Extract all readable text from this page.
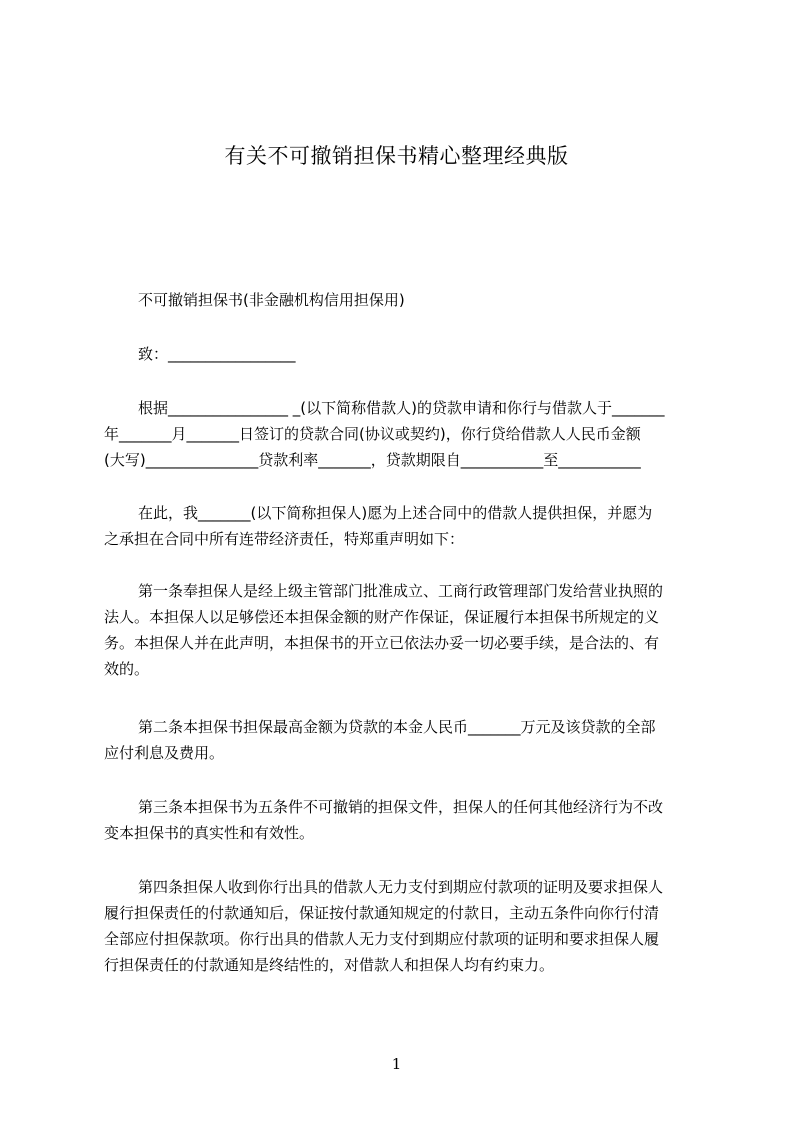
有关不可撤销担保书精心整理经典版

不可撤销担保书(非金融机构信用担保用)

致：_________________

根据________________ _(以下简称借款人)的贷款申请和你行与借款人于_______
年_______月_______日签订的贷款合同(协议或契约)，你行贷给借款人人民币金额
(大写)_______________贷款利率_______，贷款期限自___________至___________

在此，我_______(以下简称担保人)愿为上述合同中的借款人提供担保，并愿为
之承担在合同中所有连带经济责任，特郑重声明如下：

第一条奉担保人是经上级主管部门批准成立、工商行政管理部门发给营业执照的
法人。本担保人以足够偿还本担保金额的财产作保证，保证履行本担保书所规定的义
务。本担保人并在此声明，本担保书的开立已依法办妥一切必要手续，是合法的、有
效的。

第二条本担保书担保最高金额为贷款的本金人民币_______万元及该贷款的全部
应付利息及费用。

第三条本担保书为五条件不可撤销的担保文件，担保人的任何其他经济行为不改
变本担保书的真实性和有效性。

第四条担保人收到你行出具的借款人无力支付到期应付款项的证明及要求担保人
履行担保责任的付款通知后，保证按付款通知规定的付款日，主动五条件向你行付清
全部应付担保款项。你行出具的借款人无力支付到期应付款项的证明和要求担保人履
行担保责任的付款通知是终结性的，对借款人和担保人均有约束力。

1
